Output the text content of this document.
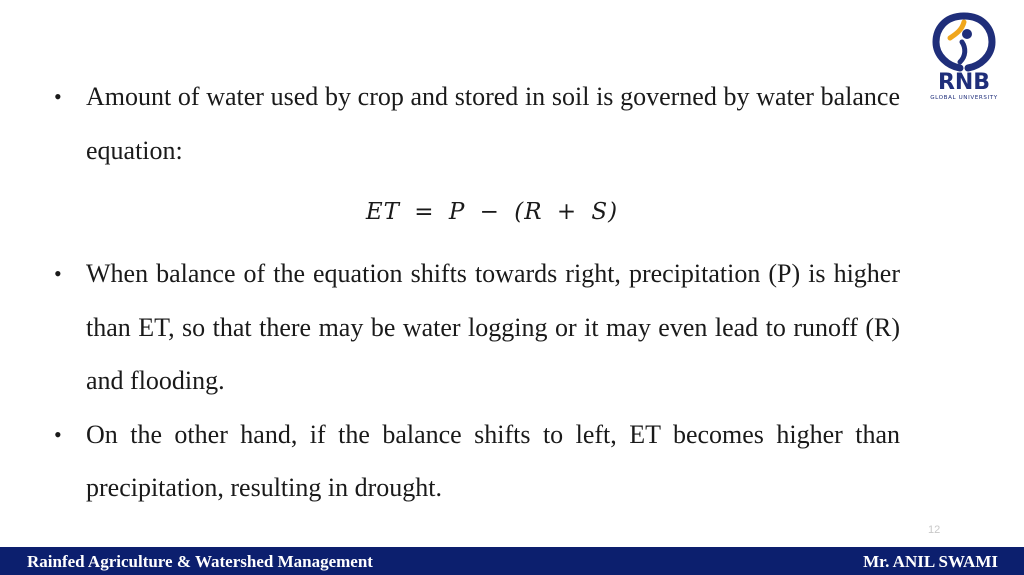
RNB
GLOBAL UNIVERSITY
• Amount of water used by crop and stored in soil is governed by water balance equation:
ET = P − (R + S)
• When balance of the equation shifts towards right, precipitation (P) is higher than ET, so that there may be water logging or it may even lead to runoff (R) and flooding.
• On the other hand, if the balance shifts to left, ET becomes higher than precipitation, resulting in drought.
12
Rainfed Agriculture & Watershed Management	Mr. ANIL SWAMI
